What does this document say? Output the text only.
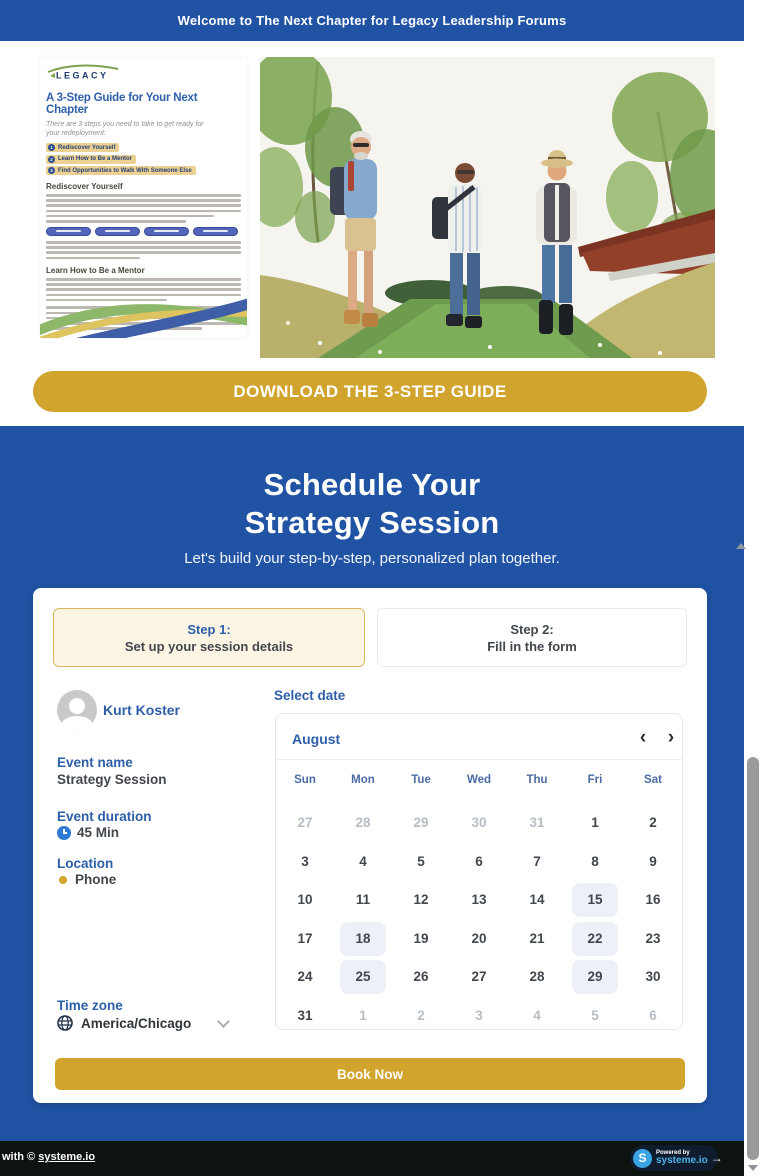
Welcome to The Next Chapter for Legacy Leadership Forums
LEGACY
A 3-Step Guide for Your Next Chapter
There are 3 steps you need to take to get ready for
your redeployment:
1 Rediscover Yourself
2 Learn How to Be a Mentor
3 Find Opportunities to Walk With Someone Else
Rediscover Yourself
Learn How to Be a Mentor
DOWNLOAD THE 3-STEP GUIDE
Schedule Your
Strategy Session
Let's build your step-by-step, personalized plan together.
Step 1:
Set up your session details
Step 2:
Fill in the form
Kurt Koster
Event name
Strategy Session
Event duration
45 Min
Location
Phone
Time zone
America/Chicago
Select date
August	‹	›
Sun	Mon	Tue	Wed	Thu	Fri	Sat
27	28	29	30	31	1	2
3	4	5	6	7	8	9
10	11	12	13	14	15	16
17	18	19	20	21	22	23
24	25	26	27	28	29	30
31	1	2	3	4	5	6
Book Now
with © systeme.io	S	Powered by
systeme.io →
